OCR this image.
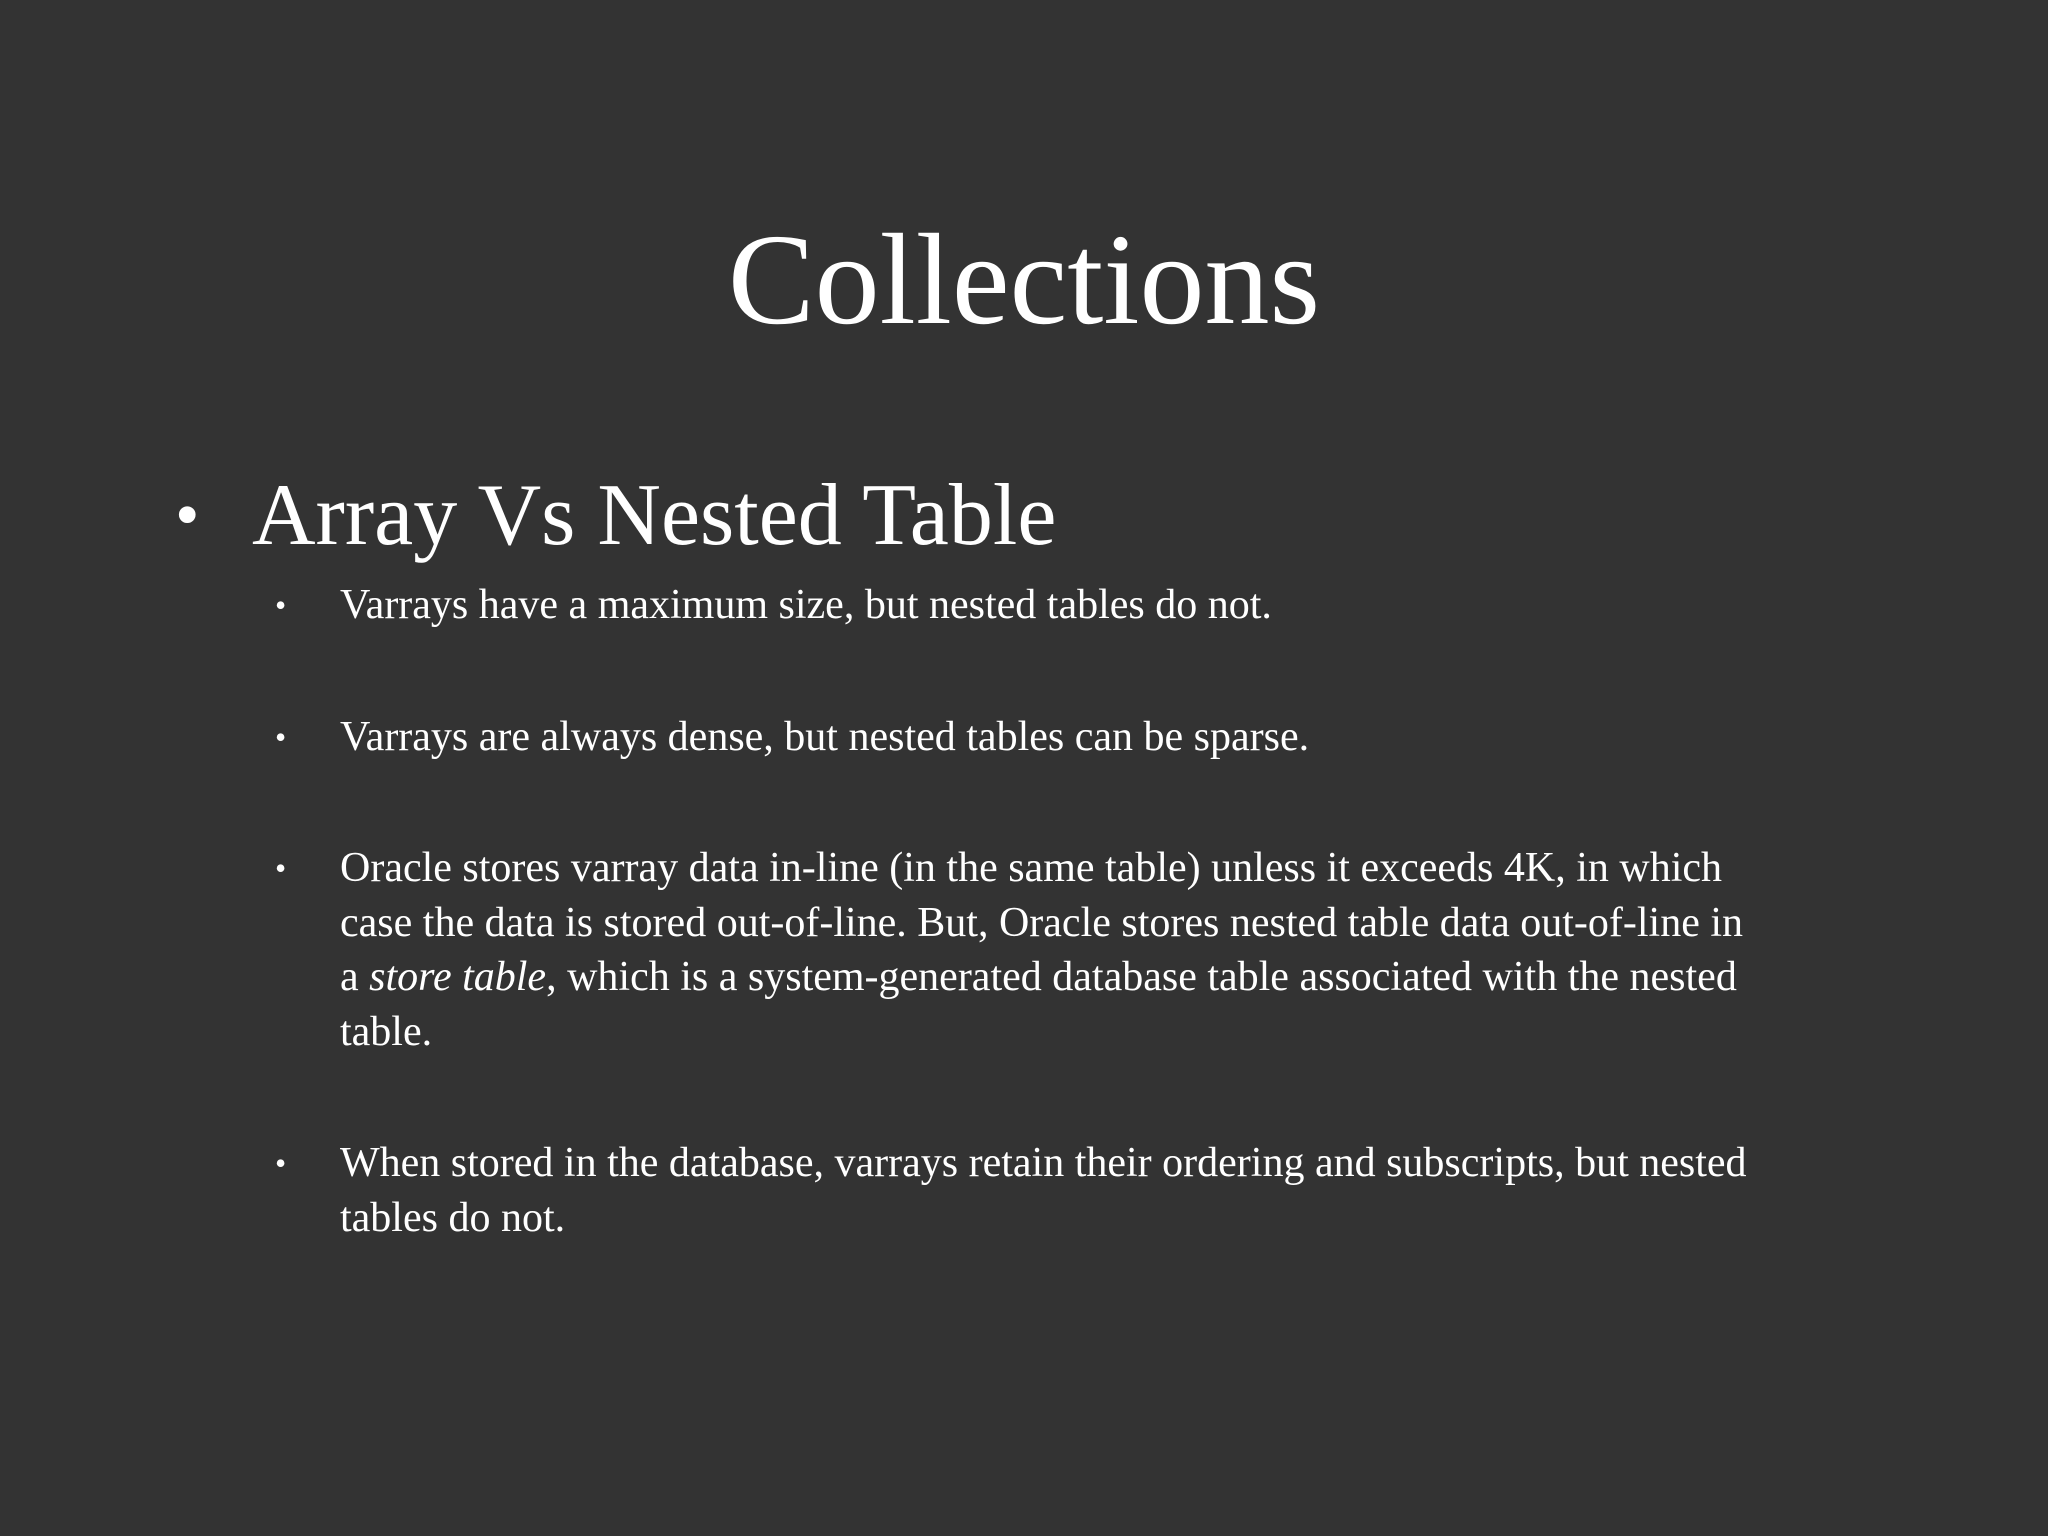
Collections
• Array Vs Nested Table
• Varrays have a maximum size, but nested tables do not.
• Varrays are always dense, but nested tables can be sparse.
• Oracle stores varray data in-line (in the same table) unless it exceeds 4K, in which
case the data is stored out-of-line. But, Oracle stores nested table data out-of-line in
a store table, which is a system-generated database table associated with the nested
table.
• When stored in the database, varrays retain their ordering and subscripts, but nested
tables do not.
